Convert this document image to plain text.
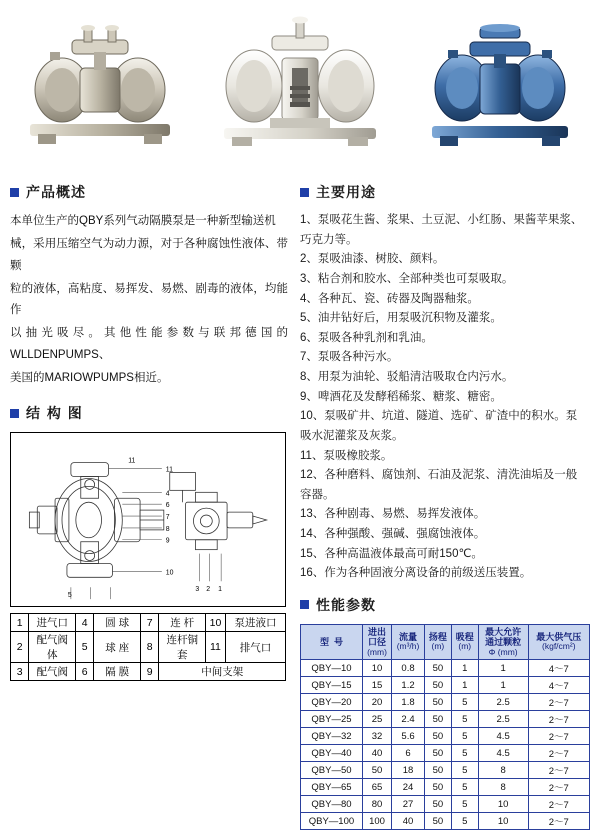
产品概述

本单位生产的QBY系列气动隔膜泵是一种新型输送机

械，采用压缩空气为动力源，对于各种腐蚀性液体、带颗

粒的液体，高粘度、易挥发、易燃、剧毒的液体，均能作

以抽光吸尽。其他性能参数与联邦德国的WLLDENPUMPS、

美国的MARIOWPUMPS相近。

结 构 图
11
4
6
7
8
9
10
11
3 2 1
5
1	进气口	4	圆 球	7	连 杆	10	泵进液口
2	配气阀体	5	球 座	8	连杆铜套	11	排气口
3	配气阀	6	隔 膜	9	中间支架		
主要用途
1、泵吸花生酱、浆果、土豆泥、小红肠、果酱苹果浆、
巧克力等。
2、泵吸油漆、树胶、颜料。
3、粘合剂和胶水、全部种类也可泵吸取。
4、各种瓦、瓷、砖器及陶器釉浆。
5、油井钻好后，用泵吸沉积物及灌浆。
6、泵吸各种乳剂和乳油。
7、泵吸各种污水。
8、用泵为油轮、驳船清洁吸取仓内污水。
9、啤酒花及发酵稻稀浆、糖浆、糖密。
10、泵吸矿井、坑道、隧道、选矿、矿渣中的积水。泵
吸水泥灌浆及灰浆。
11、泵吸橡胶浆。
12、各种磨料、腐蚀剂、石油及泥浆、清洗油垢及一般
容器。
13、各种剧毒、易燃、易挥发液体。
14、各种强酸、强碱、强腐蚀液体。
15、各种高温液体最高可耐150℃。
16、作为各种固液分离设备的前级送压装置。
性能参数
型  号	进出
口径
(mm)	流量
(m³/h)	扬程
(m)	吸程
(m)	最大允许
通过颗粒
Φ (mm)	最大供气压
(kgf/cm²)

QBY—10	10	0.8	50	1	1	4～7
QBY—15	15	1.2	50	1	1	4～7
QBY—20	20	1.8	50	5	2.5	2～7
QBY—25	25	2.4	50	5	2.5	2～7
QBY—32	32	5.6	50	5	4.5	2～7
QBY—40	40	6	50	5	4.5	2～7
QBY—50	50	18	50	5	8	2～7
QBY—65	65	24	50	5	8	2～7
QBY—80	80	27	50	5	10	2～7
QBY—100	100	40	50	5	10	2～7
